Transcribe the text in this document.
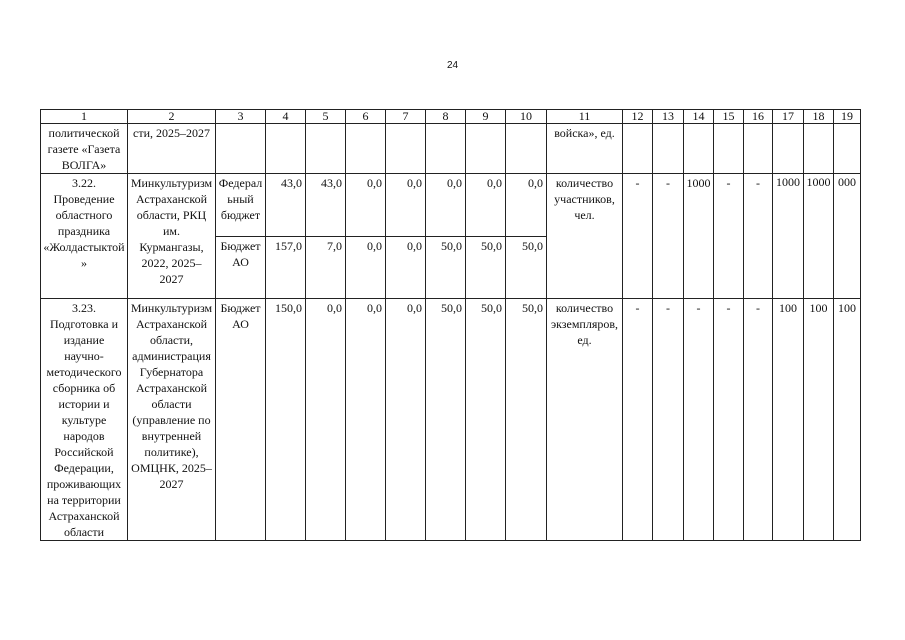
24
1	2	3	4	5	6	7	8	9	10	11	12	13	14	15	16	17	18	19
политической газете «Газета ВОЛГА»	сти, 2025–2027									войска», ед.								
3.22. Проведение областного праздника «Жолдастыктой»	Минкультуризм Астраханской области, РКЦ им. Курмангазы, 2022, 2025–2027	Федеральный бюджет	43,0	43,0	0,0	0,0	0,0	0,0	0,0	количество участников, чел.	-	-	1000	-	-	1000	1000	000
		Бюджет АО	157,0	7,0	0,0	0,0	50,0	50,0	50,0									
3.23. Подготовка и издание научно-методического сборника об истории и культуре народов Российской Федерации, проживающих на территории Астраханской области	Минкультуризм Астраханской области, администрация Губернатора Астраханской области (управление по внутренней политике), ОМЦНК, 2025–2027	Бюджет АО	150,0	0,0	0,0	0,0	50,0	50,0	50,0	количество экземпляров, ед.	-	-	-	-	-	100	100	100
